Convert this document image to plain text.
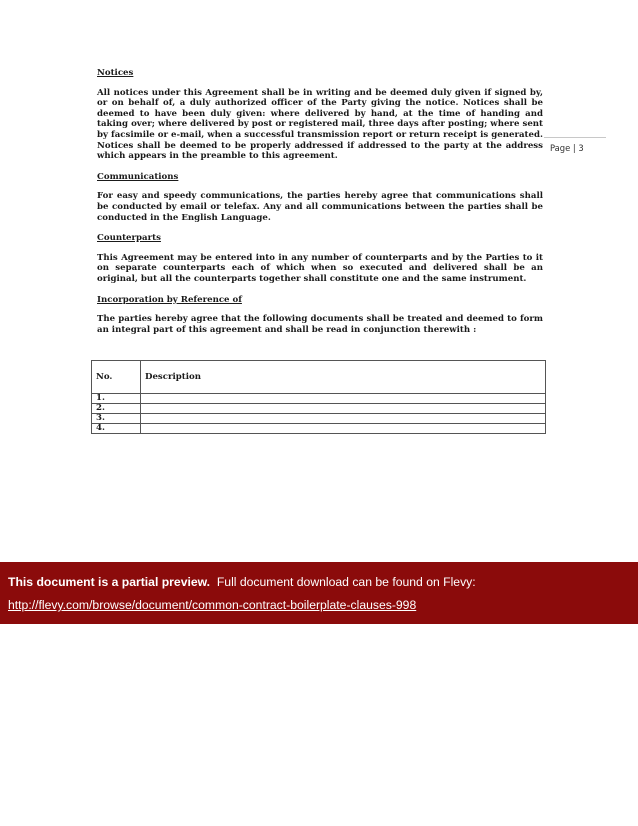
Page | 3
Notices
All notices under this Agreement shall be in writing and be deemed duly given if signed by, or on behalf of, a duly authorized officer of the Party giving the notice. Notices shall be deemed to have been duly given: where delivered by hand, at the time of handing and taking over; where delivered by post or registered mail, three days after posting; where sent by facsimile or e-mail, when a successful transmission report or return receipt is generated. Notices shall be deemed to be properly addressed if addressed to the party at the address which appears in the preamble to this agreement.
Communications
For easy and speedy communications, the parties hereby agree that communications shall be conducted by email or telefax. Any and all communications between the parties shall be conducted in the English Language.
Counterparts
This Agreement may be entered into in any number of counterparts and by the Parties to it on separate counterparts each of which when so executed and delivered shall be an original, but all the counterparts together shall constitute one and the same instrument.
Incorporation by Reference of
The parties hereby agree that the following documents shall be treated and deemed to form an integral part of this agreement and shall be read in conjunction therewith :
No.	Description
1.	
2.	
3.	
4.	
This document is a partial preview. Full document download can be found on Flevy:
http://flevy.com/browse/document/common-contract-boilerplate-clauses-998
